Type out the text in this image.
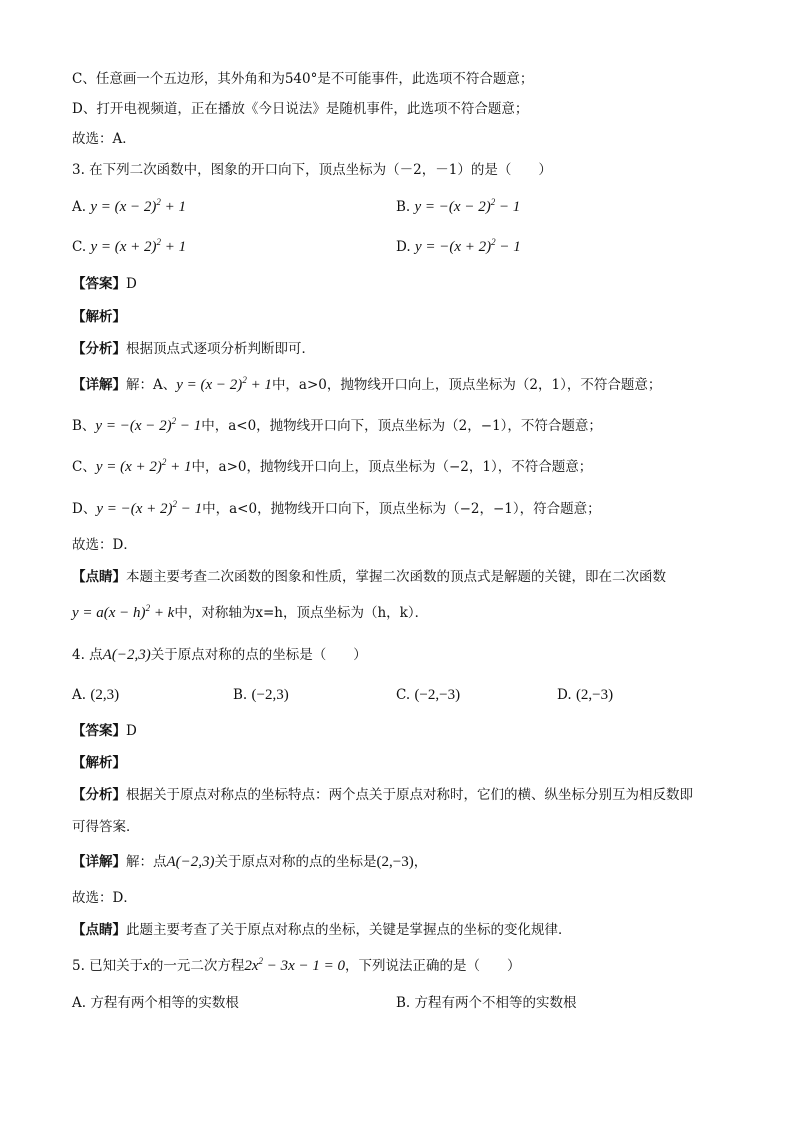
C、任意画一个五边形，其外角和为540°是不可能事件，此选项不符合题意；
D、打开电视频道，正在播放《今日说法》是随机事件，此选项不符合题意；
故选：A．
3. 在下列二次函数中，图象的开口向下，顶点坐标为（－2，－1）的是（　　）
A. $y = (x - 2)^2 + 1$	B. $y = -(x - 2)^2 - 1$
C. $y = (x + 2)^2 + 1$	D. $y = -(x + 2)^2 - 1$
【答案】D
【解析】
【分析】根据顶点式逐项分析判断即可．
【详解】解：A、$y = (x - 2)^2 + 1$中，a>0，抛物线开口向上，顶点坐标为（2，1），不符合题意；
B、$y = -(x - 2)^2 - 1$中，a<0，抛物线开口向下，顶点坐标为（2，−1），不符合题意；
C、$y = (x + 2)^2 + 1$中，a>0，抛物线开口向上，顶点坐标为（−2，1），不符合题意；
D、$y = -(x + 2)^2 - 1$中，a<0，抛物线开口向下，顶点坐标为（−2，−1），符合题意；
故选：D．
【点睛】本题主要考查二次函数的图象和性质，掌握二次函数的顶点式是解题的关键，即在二次函数
$y = a(x - h)^2 + k$中，对称轴为x=h，顶点坐标为（h，k）．
4. 点A(−2,3)关于原点对称的点的坐标是（　　）
A. (2,3)	B. (−2,3)	C. (−2,−3)	D. (2,−3)
【答案】D
【解析】
【分析】根据关于原点对称点的坐标特点：两个点关于原点对称时，它们的横、纵坐标分别互为相反数即
可得答案．
【详解】解：点A(−2,3)关于原点对称的点的坐标是(2,−3)，
故选：D．
【点睛】此题主要考查了关于原点对称点的坐标，关键是掌握点的坐标的变化规律．
5. 已知关于x的一元二次方程$2x^2 - 3x - 1 = 0$，下列说法正确的是（　　）
A. 方程有两个相等的实数根	B. 方程有两个不相等的实数根
